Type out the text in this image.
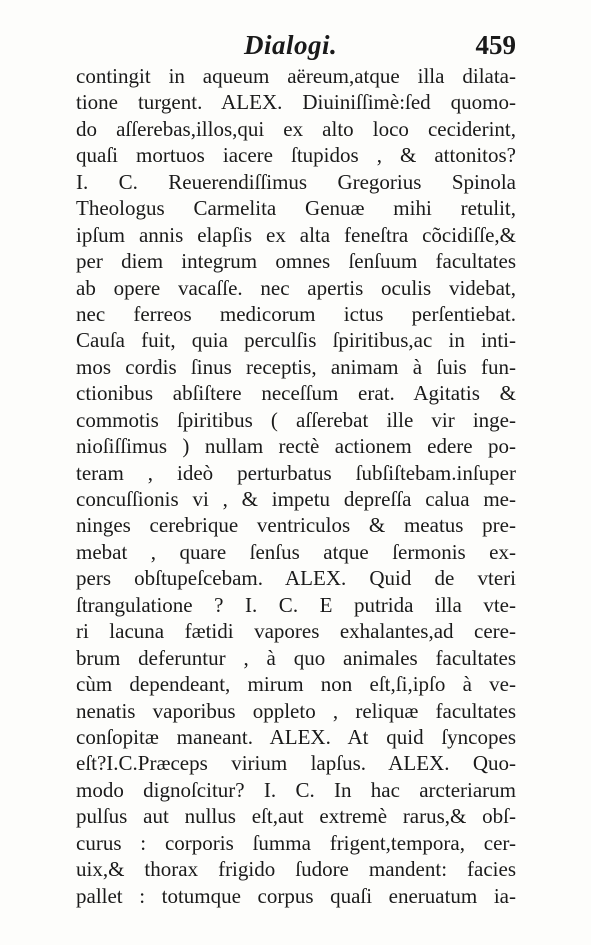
Dialogi.	459
contingit in aqueum aëreum,atque illa dilata-
tione turgent. ALEX. Diuiniſſimè:ſed quomo-
do aſſerebas,illos,qui ex alto loco ceciderint,
quaſi mortuos iacere ſtupidos , & attonitos?
I. C. Reuerendiſſimus Gregorius Spinola
Theologus Carmelita Genuæ mihi retulit,
ipſum annis elapſis ex alta feneſtra cõcidiſſe,&
per diem integrum omnes ſenſuum facultates
ab opere vacaſſe. nec apertis oculis videbat,
nec ferreos medicorum ictus perſentiebat.
Cauſa fuit, quia perculſis ſpiritibus,ac in inti-
mos cordis ſinus receptis, animam à ſuis fun-
ctionibus abſiſtere neceſſum erat. Agitatis &
commotis ſpiritibus ( aſſerebat ille vir inge-
nioſiſſimus ) nullam rectè actionem edere po-
teram , ideò perturbatus ſubſiſtebam.inſuper
concuſſionis vi , & impetu depreſſa calua me-
ninges cerebrique ventriculos & meatus pre-
mebat , quare ſenſus atque ſermonis ex-
pers obſtupeſcebam. ALEX. Quid de vteri
ſtrangulatione ? I. C. E putrida illa vte-
ri lacuna fætidi vapores exhalantes,ad cere-
brum deferuntur , à quo animales facultates
cùm dependeant, mirum non eſt,ſi,ipſo à ve-
nenatis vaporibus oppleto , reliquæ facultates
conſopitæ maneant. ALEX. At quid ſyncopes
eſt?I.C.Præceps virium lapſus. ALEX. Quo-
modo dignoſcitur? I. C. In hac arcteriarum
pulſus aut nullus eſt,aut extremè rarus,& obſ-
curus : corporis ſumma frigent,tempora, cer-
uix,& thorax frigido ſudore mandent: facies
pallet : totumque corpus quaſi eneruatum ia-
